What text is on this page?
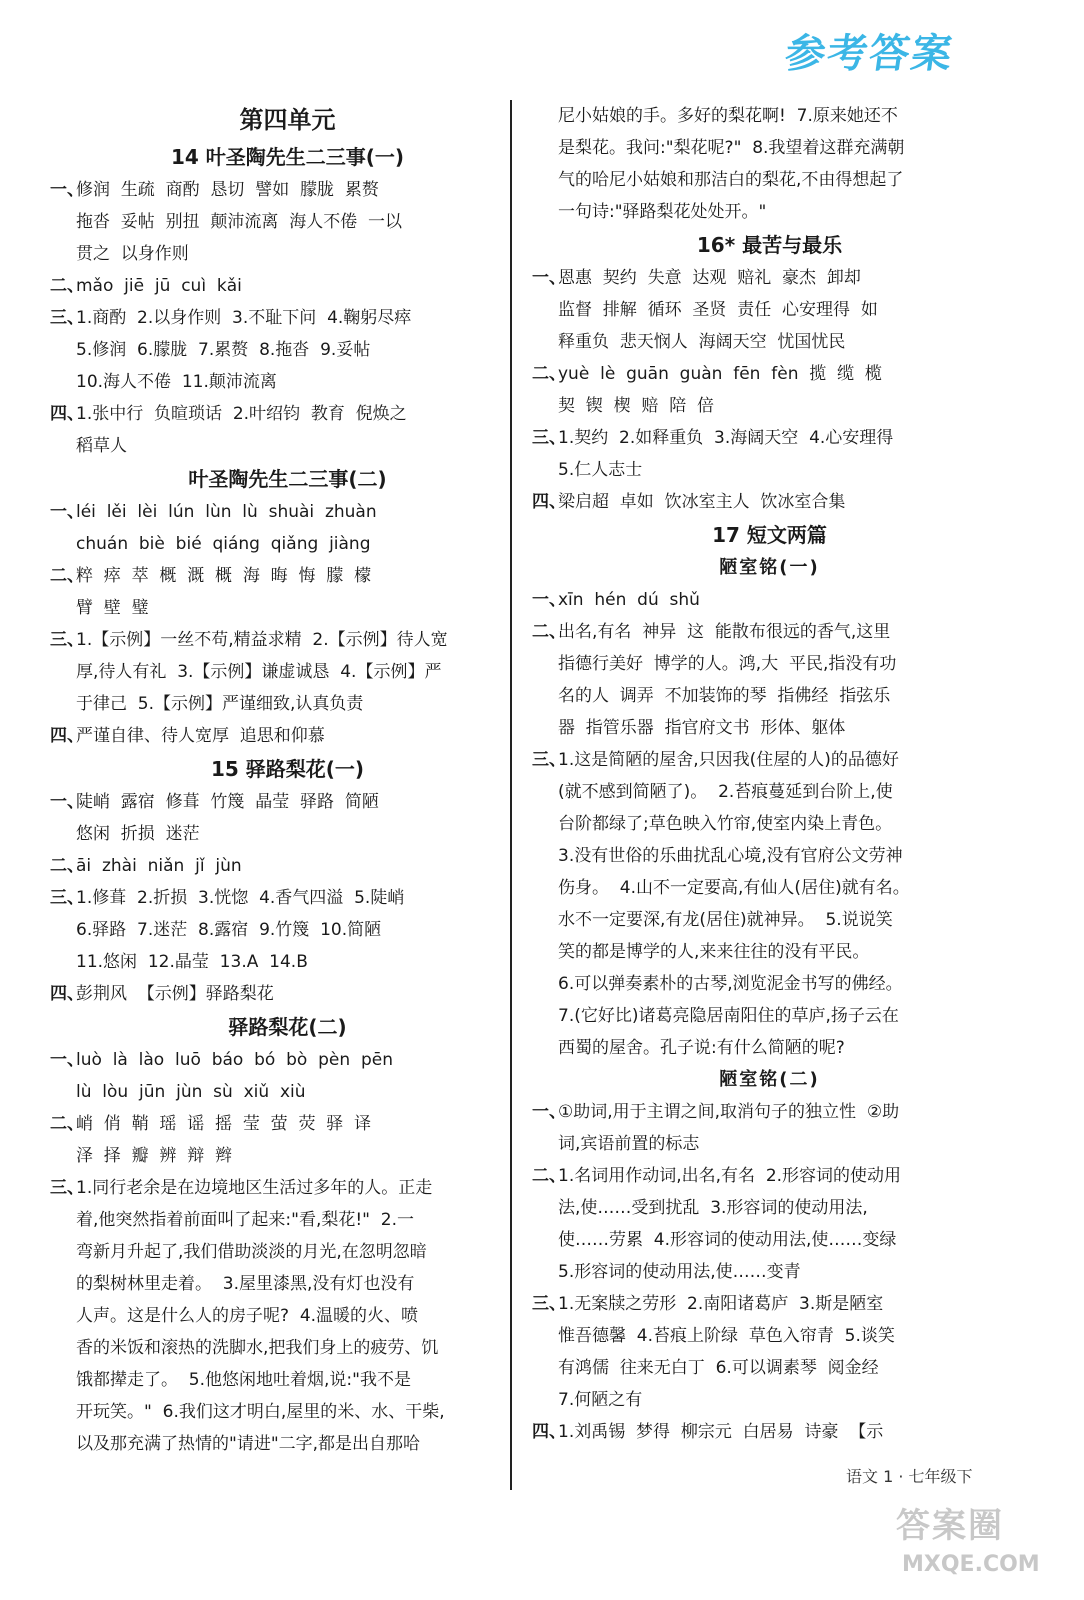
参考答案
第四单元
14 叶圣陶先生二三事(一)
一、
修润  生疏  商酌  恳切  譬如  朦胧  累赘
拖沓  妥帖  别扭  颠沛流离  海人不倦  一以
贯之  以身作则
二、
mǎo  jiē  jū  cuì  kǎi
三、
1.商酌  2.以身作则  3.不耻下问  4.鞠躬尽瘁
5.修润  6.朦胧  7.累赘  8.拖沓  9.妥帖
10.海人不倦  11.颠沛流离
四、
1.张中行  负暄琐话  2.叶绍钧  教育  倪焕之
稻草人
叶圣陶先生二三事(二)
一、
léi  lěi  lèi  lún  lùn  lù  shuài  zhuàn
chuán  biè  bié  qiáng  qiǎng  jiàng
二、
粹  瘁  萃  概  溉  概  海  晦  悔  朦  檬
臂  壁  璧
三、
1.【示例】一丝不苟,精益求精  2.【示例】待人宽
厚,待人有礼  3.【示例】谦虚诚恳  4.【示例】严
于律己  5.【示例】严谨细致,认真负责
四、
严谨自律、待人宽厚  追思和仰慕
15 驿路梨花(一)
一、
陡峭  露宿  修葺  竹篾  晶莹  驿路  简陋
悠闲  折损  迷茫
二、
āi  zhài  niǎn  jǐ  jùn
三、
1.修葺  2.折损  3.恍惚  4.香气四溢  5.陡峭
6.驿路  7.迷茫  8.露宿  9.竹篾  10.简陋
11.悠闲  12.晶莹  13.A  14.B
四、
彭荆风  【示例】驿路梨花
驿路梨花(二)
一、
luò  là  lào  luō  báo  bó  bò  pèn  pēn
lù  lòu  jūn  jùn  sù  xiǔ  xiù
二、
峭  俏  鞘  瑶  谣  摇  莹  萤  荧  驿  译
泽  择  瓣  辨  辩  辫
三、
1.同行老余是在边境地区生活过多年的人。正走
着,他突然指着前面叫了起来:"看,梨花!"  2.一
弯新月升起了,我们借助淡淡的月光,在忽明忽暗
的梨树林里走着。  3.屋里漆黑,没有灯也没有
人声。这是什么人的房子呢?  4.温暖的火、喷
香的米饭和滚热的洗脚水,把我们身上的疲劳、饥
饿都撵走了。  5.他悠闲地吐着烟,说:"我不是
开玩笑。"  6.我们这才明白,屋里的米、水、干柴,
以及那充满了热情的"请进"二字,都是出自那哈
尼小姑娘的手。多好的梨花啊!  7.原来她还不
是梨花。我问:"梨花呢?"  8.我望着这群充满朝
气的哈尼小姑娘和那洁白的梨花,不由得想起了
一句诗:"驿路梨花处处开。"
16* 最苦与最乐
一、
恩惠  契约  失意  达观  赔礼  豪杰  卸却
监督  排解  循环  圣贤  责任  心安理得  如
释重负  悲天悯人  海阔天空  忧国忧民
二、
yuè  lè  guān  guàn  fēn  fèn  揽  缆  榄
契  锲  楔  赔  陪  倍
三、
1.契约  2.如释重负  3.海阔天空  4.心安理得
5.仁人志士
四、
梁启超  卓如  饮冰室主人  饮冰室合集
17 短文两篇
陋室铭(一)
一、
xīn  hén  dú  shǔ
二、
出名,有名  神异  这  能散布很远的香气,这里
指德行美好  博学的人。鸿,大  平民,指没有功
名的人  调弄  不加装饰的琴  指佛经  指弦乐
器  指管乐器  指官府文书  形体、躯体
三、
1.这是简陋的屋舍,只因我(住屋的人)的品德好
(就不感到简陋了)。  2.苔痕蔓延到台阶上,使
台阶都绿了;草色映入竹帘,使室内染上青色。
3.没有世俗的乐曲扰乱心境,没有官府公文劳神
伤身。  4.山不一定要高,有仙人(居住)就有名。
水不一定要深,有龙(居住)就神异。  5.说说笑
笑的都是博学的人,来来往往的没有平民。
6.可以弹奏素朴的古琴,浏览泥金书写的佛经。
7.(它好比)诸葛亮隐居南阳住的草庐,扬子云在
西蜀的屋舍。孔子说:有什么简陋的呢?
陋室铭(二)
一、
①助词,用于主谓之间,取消句子的独立性  ②助
词,宾语前置的标志
二、
1.名词用作动词,出名,有名  2.形容词的使动用
法,使……受到扰乱  3.形容词的使动用法,
使……劳累  4.形容词的使动用法,使……变绿
5.形容词的使动用法,使……变青
三、
1.无案牍之劳形  2.南阳诸葛庐  3.斯是陋室
惟吾德馨  4.苔痕上阶绿  草色入帘青  5.谈笑
有鸿儒  往来无白丁  6.可以调素琴  阅金经
7.何陋之有
四、
1.刘禹锡  梦得  柳宗元  白居易  诗豪  【示
语文 1 · 七年级下
答案圈
MXQE.COM
